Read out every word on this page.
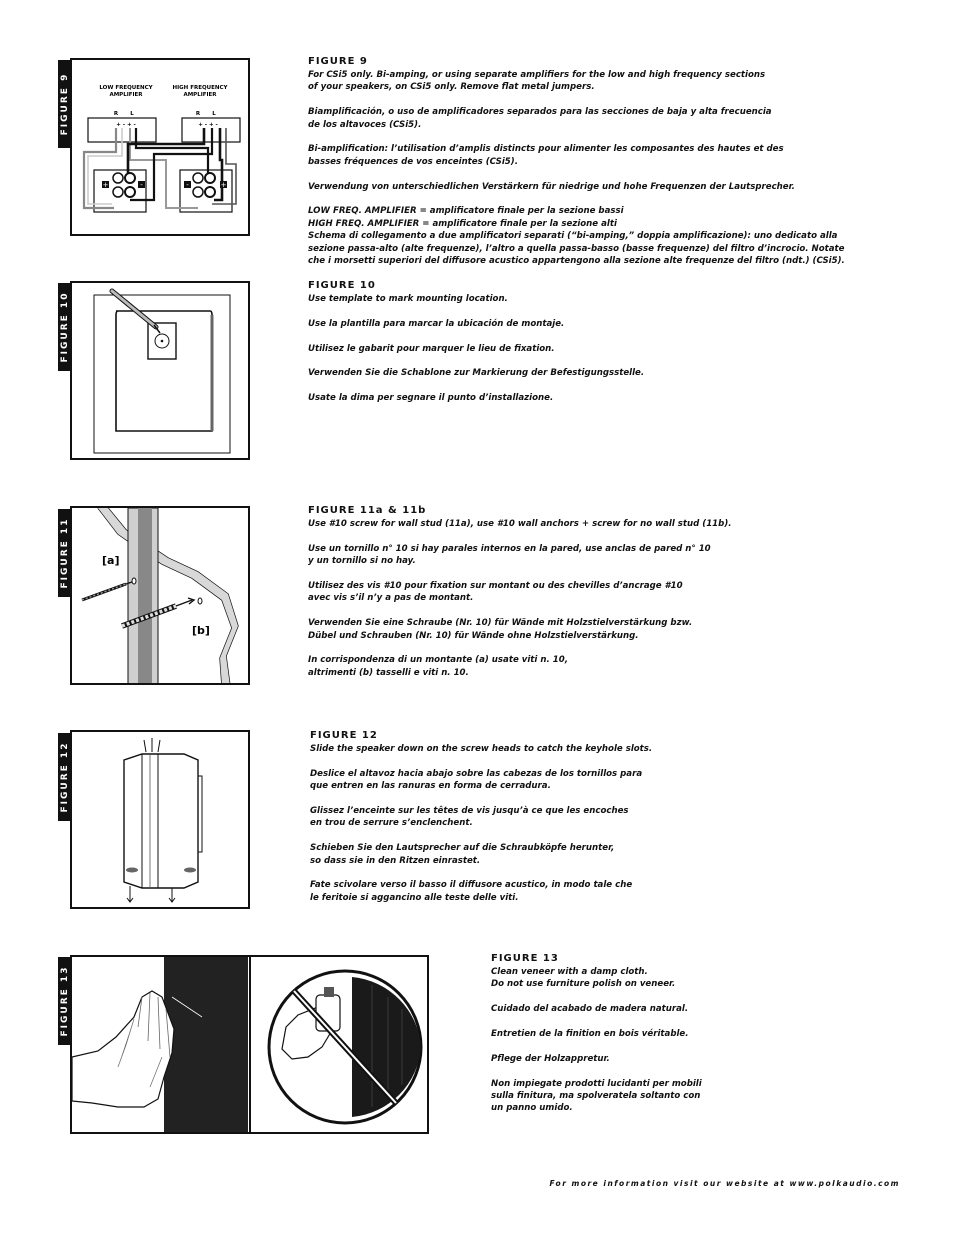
FIGURE 9
+	-	-	+
LOW FREQUENCY
AMPLIFIER
HIGH FREQUENCY
AMPLIFIER
R L	R L
+ - + -	+ - + -
FIGURE 9

For CSi5 only. Bi-amping, or using separate amplifiers for the low and high frequency sections
of your speakers, on CSi5 only. Remove flat metal jumpers.

Biamplificación, o uso de amplificadores separados para las secciones de baja y alta frecuencia
de los altavoces (CSi5).

Bi-amplification: l’utilisation d’amplis distincts pour alimenter les composantes des hautes et des
basses fréquences de vos enceintes (CSi5).

Verwendung von unterschiedlichen Verstärkern für niedrige und hohe Frequenzen der Lautsprecher.

LOW FREQ. AMPLIFIER = amplificatore finale per la sezione bassi
HIGH FREQ. AMPLIFIER = amplificatore finale per la sezione alti
Schema di collegamento a due amplificatori separati (“bi-amping,” doppia amplificazione): uno dedicato alla
sezione passa-alto (alte frequenze), l’altro a quella passa-basso (basse frequenze) del filtro d’incrocio. Notate
che i morsetti superiori del diffusore acustico appartengono alla sezione alte frequenze del filtro (ndt.) (CSi5).

FIGURE 10
FIGURE 10

Use template to mark mounting location.

Use la plantilla para marcar la ubicación de montaje.

Utilisez le gabarit pour marquer le lieu de fixation.

Verwenden Sie die Schablone zur Markierung der Befestigungsstelle.

Usate la dima per segnare il punto d’installazione.

FIGURE 11	[a]
[b]
FIGURE 11a & 11b

Use #10 screw for wall stud (11a), use #10 wall anchors + screw for no wall stud (11b).

Use un tornillo n° 10 si hay parales internos en la pared, use anclas de pared n° 10
y un tornillo si no hay.

Utilisez des vis #10 pour fixation sur montant ou des chevilles d’ancrage #10
avec vis s’il n’y a pas de montant.

Verwenden Sie eine Schraube (Nr. 10) für Wände mit Holzstielverstärkung bzw.
Dübel und Schrauben (Nr. 10) für Wände ohne Holzstielverstärkung.

In corrispondenza di un montante (a) usate viti n. 10,
altrimenti (b) tasselli e viti n. 10.

FIGURE 12
FIGURE 12

Slide the speaker down on the screw heads to catch the keyhole slots.

Deslice el altavoz hacia abajo sobre las cabezas de los tornillos para
que entren en las ranuras en forma de cerradura.

Glissez l’enceinte sur les têtes de vis jusqu’à ce que les encoches
en trou de serrure s’enclenchent.

Schieben Sie den Lautsprecher auf die Schraubköpfe herunter,
so dass sie in den Ritzen einrastet.

Fate scivolare verso il basso il diffusore acustico, in modo tale che
le feritoie si aggancino alle teste delle viti.

FIGURE 13
FIGURE 13

Clean veneer with a damp cloth.
Do not use furniture polish on veneer.

Cuidado del acabado de madera natural.

Entretien de la finition en bois véritable.

Pflege der Holzappretur.

Non impiegate prodotti lucidanti per mobili
sulla finitura, ma spolveratela soltanto con
un panno umido.

For more information visit our website at www.polkaudio.com
